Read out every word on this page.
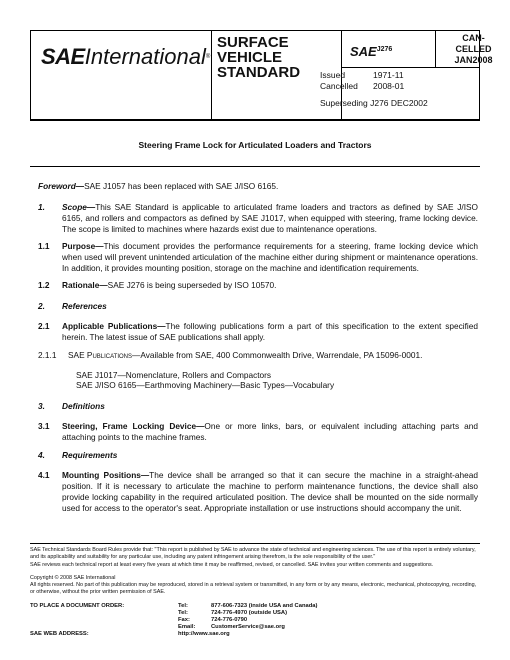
SAEInternational®
SURFACE
VEHICLE
STANDARD
SAE J276
CAN-
CELLED
JAN2008
Issued	1971-11
Cancelled 2008-01
Superseding J276 DEC2002
Steering Frame Lock for Articulated Loaders and Tractors
Foreword—SAE J1057 has been replaced with SAE J/ISO 6165.
1. Scope—This SAE Standard is applicable to articulated frame loaders and tractors as defined by SAE J/ISO 6165, and rollers and compactors as defined by SAE J1017, when equipped with steering, frame locking device. The scope is limited to machines where hazards exist due to maintenance operations.
1.1 Purpose—This document provides the performance requirements for a steering, frame locking device which when used will prevent unintended articulation of the machine either during shipment or maintenance operations. In addition, it provides mounting position, storage on the machine and identification requirements.
1.2 Rationale—SAE J276 is being superseded by ISO 10570.
2. References
2.1 Applicable Publications—The following publications form a part of this specification to the extent specified herein. The latest issue of SAE publications shall apply.
2.1.1 SAE Publications—Available from SAE, 400 Commonwealth Drive, Warrendale, PA 15096-0001.
SAE J1017—Nomenclature, Rollers and Compactors
SAE J/ISO 6165—Earthmoving Machinery—Basic Types—Vocabulary
3. Definitions
3.1 Steering, Frame Locking Device—One or more links, bars, or equivalent including attaching parts and attaching points to the machine frames.
4. Requirements
4.1 Mounting Positions—The device shall be arranged so that it can secure the machine in a straight-ahead position. If it is necessary to articulate the machine to perform maintenance functions, the device shall also provide locking capability in the required articulated position. The device shall be mounted on the side normally used for access to the operator's seat. Appropriate installation or use instructions should accompany the unit.
SAE Technical Standards Board Rules provide that: "This report is published by SAE to advance the state of technical and engineering sciences. The use of this report is entirely voluntary, and its applicability and suitability for any particular use, including any patent infringement arising therefrom, is the sole responsibility of the user."
SAE reviews each technical report at least every five years at which time it may be reaffirmed, revised, or cancelled. SAE invites your written comments and suggestions.
Copyright © 2008 SAE International
All rights reserved. No part of this publication may be reproduced, stored in a retrieval system or transmitted, in any form or by any means, electronic, mechanical, photocopying, recording, or otherwise, without the prior written permission of SAE.
TO PLACE A DOCUMENT ORDER:
SAE WEB ADDRESS:
Tel:
Tel:
Fax:
Email:
877-606-7323 (inside USA and Canada)
724-776-4970 (outside USA)
724-776-0790
CustomerService@sae.org
http://www.sae.org
